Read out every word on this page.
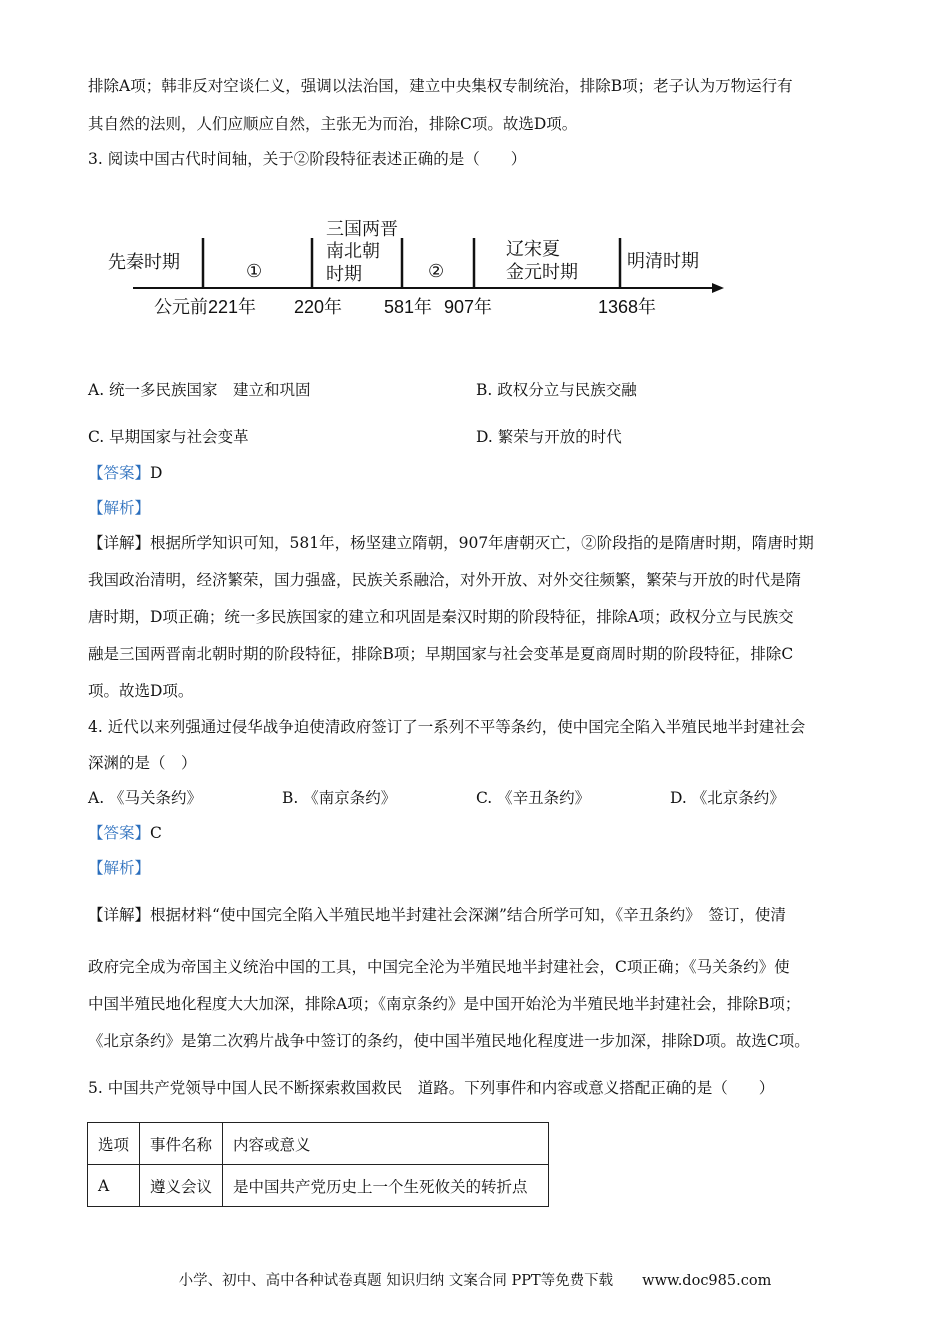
排除A项；韩非反对空谈仁义，强调以法治国，建立中央集权专制统治，排除B项；老子认为万物运行有
其自然的法则，人们应顺应自然，主张无为而治，排除C项。故选D项。
3. 阅读中国古代时间轴，关于②阶段特征表述正确的是（　　）
先秦时期	①
三国两晋
南北朝
时期	②
辽宋夏
金元时期
明清时期
公元前221年 220年 581年 907年	1368年
A. 统一多民族国家　建立和巩固	B. 政权分立与民族交融
C. 早期国家与社会变革	D. 繁荣与开放的时代
【答案】D
【解析】
【详解】根据所学知识可知，581年，杨坚建立隋朝，907年唐朝灭亡，②阶段指的是隋唐时期，隋唐时期
我国政治清明，经济繁荣，国力强盛，民族关系融洽，对外开放、对外交往频繁，繁荣与开放的时代是隋
唐时期，D项正确；统一多民族国家的建立和巩固是秦汉时期的阶段特征，排除A项；政权分立与民族交
融是三国两晋南北朝时期的阶段特征，排除B项；早期国家与社会变革是夏商周时期的阶段特征，排除C
项。故选D项。
4. 近代以来列强通过侵华战争迫使清政府签订了一系列不平等条约，使中国完全陷入半殖民地半封建社会
深渊的是（　）
A. 《马关条约》	B. 《南京条约》	C. 《辛丑条约》	D. 《北京条约》
【答案】C
【解析】
【详解】根据材料“使中国完全陷入半殖民地半封建社会深渊”结合所学可知，《辛丑条约》　签订，使清
政府完全成为帝国主义统治中国的工具，中国完全沦为半殖民地半封建社会，C项正确；《马关条约》使
中国半殖民地化程度大大加深，排除A项；《南京条约》是中国开始沦为半殖民地半封建社会，排除B项；
《北京条约》是第二次鸦片战争中签订的条约，使中国半殖民地化程度进一步加深，排除D项。故选C项。
5. 中国共产党领导中国人民不断探索救国救民　道路。下列事件和内容或意义搭配正确的是（　　）
选项	事件名称	内容或意义
A	遵义会议	是中国共产党历史上一个生死攸关的转折点
小学、初中、高中各种试卷真题 知识归纳 文案合同 PPT等免费下载　　www.doc985.com
